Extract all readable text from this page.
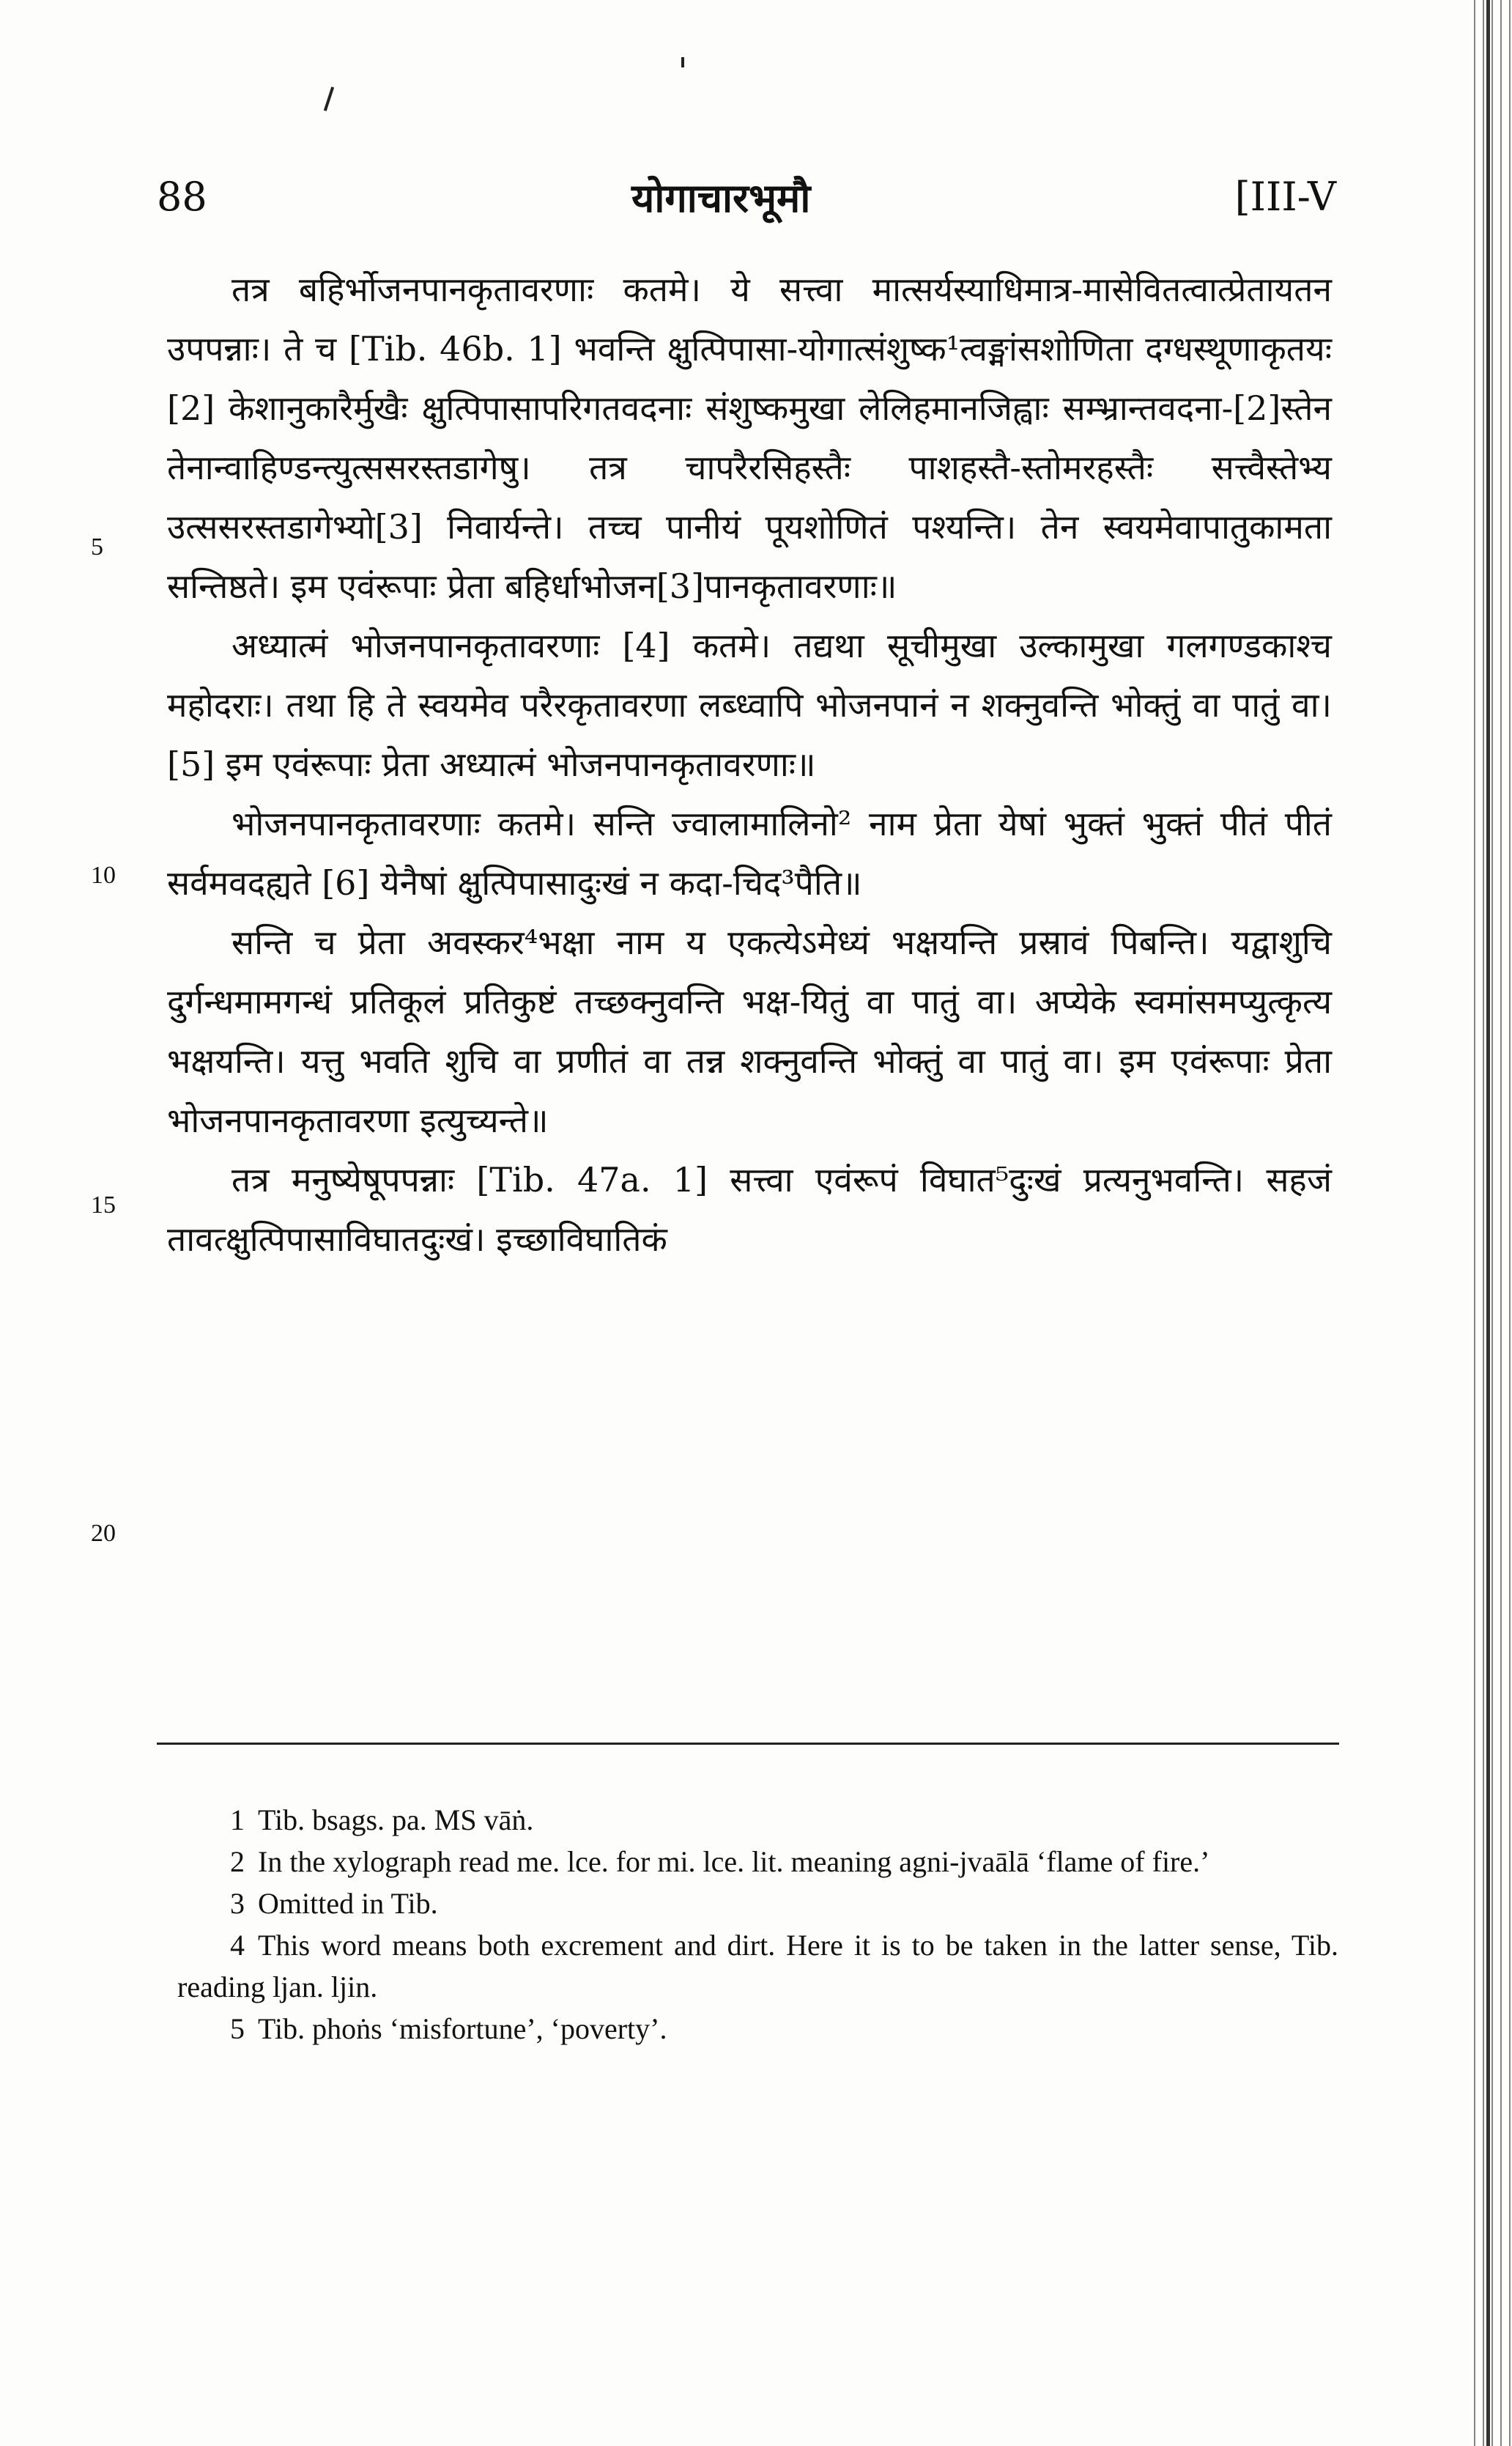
88	योगाचारभूमौ	[III-V
5
10
15
20

तत्र बहिर्भोजनपानकृतावरणाः कतमे। ये सत्त्वा मात्सर्यस्याधिमात्र-मासेवितत्वात्प्रेतायतन उपपन्नाः। ते च [Tib. 46b. 1] भवन्ति क्षुत्पिपासा-योगात्संशुष्क¹त्वङ्मांसशोणिता दग्धस्थूणाकृतयः [2] केशानुकारैर्मुखैः क्षुत्पिपासापरिगतवदनाः संशुष्कमुखा लेलिहमानजिह्वाः सम्भ्रान्तवदना-[2]स्तेन तेनान्वाहिण्डन्त्युत्ससरस्तडागेषु। तत्र चापरैरसिहस्तैः पाशहस्तै-स्तोमरहस्तैः सत्त्वैस्तेभ्य उत्ससरस्तडागेभ्यो[3] निवार्यन्ते। तच्च पानीयं पूयशोणितं पश्यन्ति। तेन स्वयमेवापातुकामता सन्तिष्ठते। इम एवंरूपाः प्रेता बहिर्धाभोजन[3]पानकृतावरणाः॥

अध्यात्मं भोजनपानकृतावरणाः [4] कतमे। तद्यथा सूचीमुखा उल्कामुखा गलगण्डकाश्च महोदराः। तथा हि ते स्वयमेव परैरकृतावरणा लब्ध्वापि भोजनपानं न शक्नुवन्ति भोक्तुं वा पातुं वा। [5] इम एवंरूपाः प्रेता अध्यात्मं भोजनपानकृतावरणाः॥

भोजनपानकृतावरणाः कतमे। सन्ति ज्वालामालिनो² नाम प्रेता येषां भुक्तं भुक्तं पीतं पीतं सर्वमवदह्यते [6] येनैषां क्षुत्पिपासादुःखं न कदा-चिद³पैति॥

सन्ति च प्रेता अवस्कर⁴भक्षा नाम य एकत्येऽमेध्यं भक्षयन्ति प्रस्रावं पिबन्ति। यद्वाशुचि दुर्गन्धमामगन्धं प्रतिकूलं प्रतिकुष्टं तच्छक्नुवन्ति भक्ष-यितुं वा पातुं वा। अप्येके स्वमांसमप्युत्कृत्य भक्षयन्ति। यत्तु भवति शुचि वा प्रणीतं वा तन्न शक्नुवन्ति भोक्तुं वा पातुं वा। इम एवंरूपाः प्रेता भोजनपानकृतावरणा इत्युच्यन्ते॥

तत्र मनुष्येषूपपन्नाः [Tib. 47a. 1] सत्त्वा एवंरूपं विघात⁵दुःखं प्रत्यनुभवन्ति। सहजं तावत्क्षुत्पिपासाविघातदुःखं। इच्छाविघातिकं

1 Tib. bsags. pa. MS vāṅ.

2 In the xylograph read me. lce. for mi. lce. lit. meaning agni-jvaālā ‘flame of fire.’

3 Omitted in Tib.

4 This word means both excrement and dirt. Here it is to be taken in the latter sense, Tib. reading ljan. ljin.

5 Tib. phoṅs ‘misfortune’, ‘poverty’.
